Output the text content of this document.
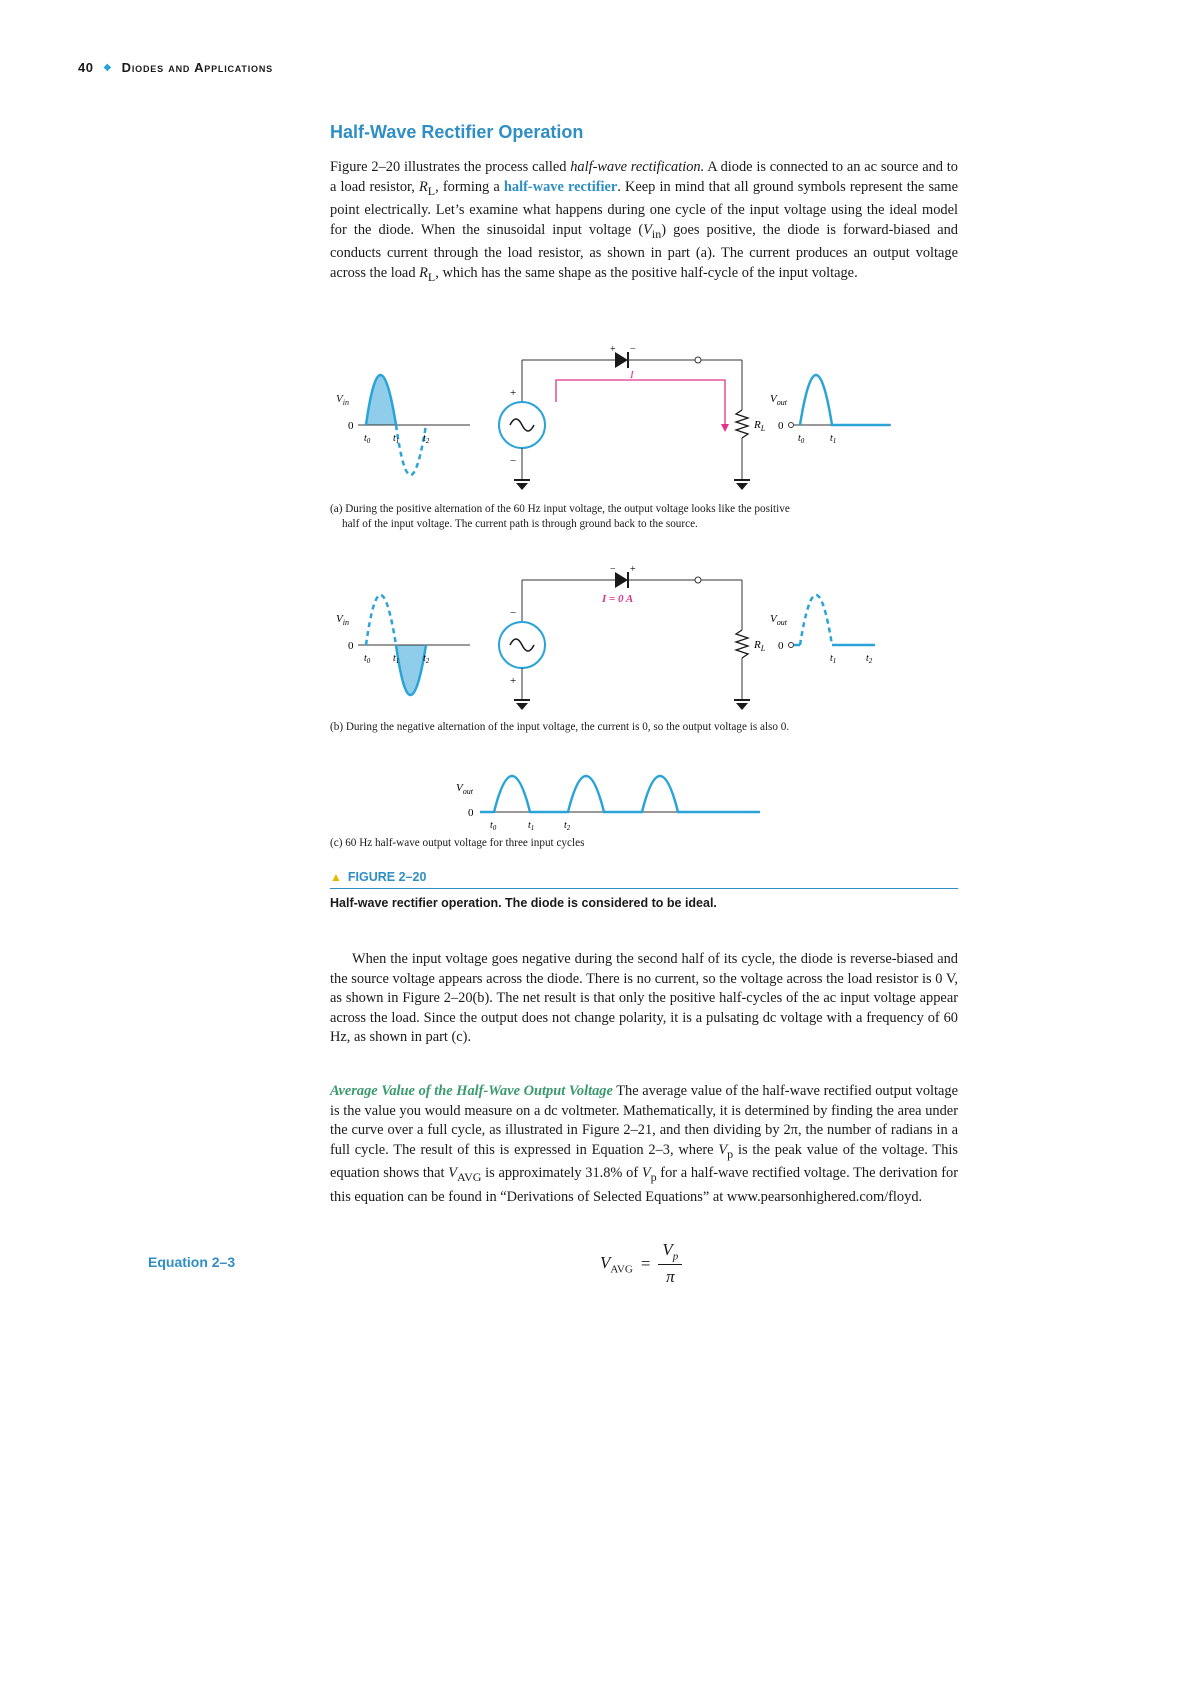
40 ◆ Diodes and Applications
Half-Wave Rectifier Operation

Figure 2–20 illustrates the process called half-wave rectification. A diode is connected to an ac source and to a load resistor, $R_L$, forming a half-wave rectifier. Keep in mind that all ground symbols represent the same point electrically. Let’s examine what happens during one cycle of the input voltage using the ideal model for the diode. When the sinusoidal input voltage $(V_{in})$ goes positive, the diode is forward-biased and conducts current through the load resistor, as shown in part (a). The current produces an output voltage across the load $R_L$, which has the same shape as the positive half-cycle of the input voltage.

$V_{in}$
0
$t_0$ $t_1$ $t_2$
+ −
+
−
$R_L$
I
$V_{out}$
0
$t_0$	$t_1$
(a) During the positive alternation of the 60 Hz input voltage, the output voltage looks like the positive
half of the input voltage. The current path is through ground back to the source.
$V_{in}$
0
$t_0$ $t_1$ $t_2$
− +
I = 0 A
−
+
$R_L$
$V_{out}$
0
$t_1$	$t_2$
(b) During the negative alternation of the input voltage, the current is 0, so the output voltage is also 0.
$V_{out}$
0
$t_0$	$t_1$	$t_2$
(c) 60 Hz half-wave output voltage for three input cycles
▲ FIGURE 2–20
Half-wave rectifier operation. The diode is considered to be ideal.

When the input voltage goes negative during the second half of its cycle, the diode is reverse-biased and the source voltage appears across the diode. There is no current, so the voltage across the load resistor is 0 V, as shown in Figure 2–20(b). The net result is that only the positive half-cycles of the ac input voltage appear across the load. Since the output does not change polarity, it is a pulsating dc voltage with a frequency of 60 Hz, as shown in part (c).

Average Value of the Half-Wave Output Voltage The average value of the half-wave rectified output voltage is the value you would measure on a dc voltmeter. Mathematically, it is determined by finding the area under the curve over a full cycle, as illustrated in Figure 2–21, and then dividing by 2π, the number of radians in a full cycle. The result of this is expressed in Equation 2–3, where $V_p$ is the peak value of the voltage. This equation shows that $V_{AVG}$ is approximately 31.8% of $V_p$ for a half-wave rectified voltage. The derivation for this equation can be found in “Derivations of Selected Equations” at www.pearsonhighered.com/floyd.

Equation 2–3	$V_{AVG} = \frac{V_p}{\pi}$
